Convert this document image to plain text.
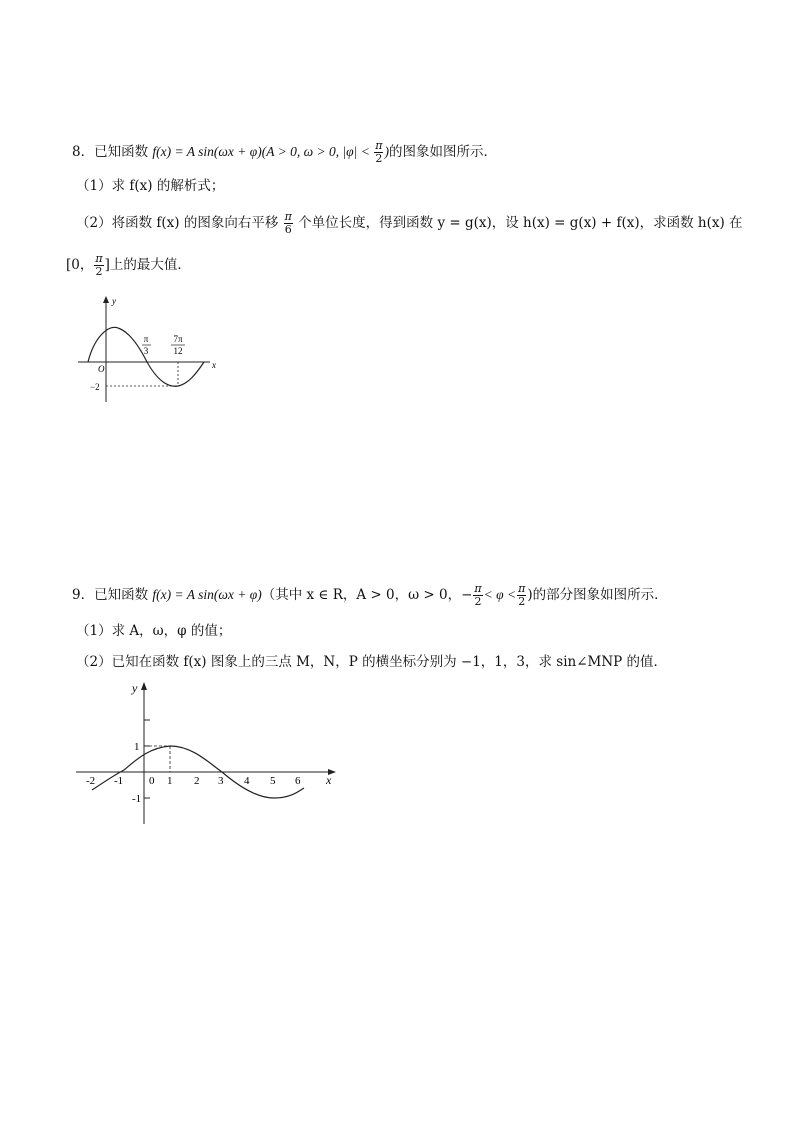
8．已知函数 f(x) = A sin(ωx + φ)(A > 0, ω > 0, $|\varphi| < \frac{\pi}{2}$ )的图象如图所示．
（1）求 f(x) 的解析式；
（2）将函数 f(x) 的图象向右平移 $\frac{\pi}{6}$ 个单位长度，得到函数 y = g(x)，设 h(x) = g(x) + f(x)，求函数 h(x) 在
[0， $\frac{\pi}{2}$ ]上的最大值．
y
x
O
π
3
7π
12
−2
9．已知函数 f(x) = A sin(ωx + φ)（其中 x ∈ R，A > 0，ω > 0，− $\frac{\pi}{2} < \varphi < \frac{\pi}{2}$ )的部分图象如图所示．
（1）求 A，ω，φ 的值；
（2）已知在函数 f(x) 图象上的三点 M，N，P 的横坐标分别为 −1，1，3，求 sin∠MNP 的值．
y
x
1
-1
-2 -1 0 1 2 3 4 5 6
